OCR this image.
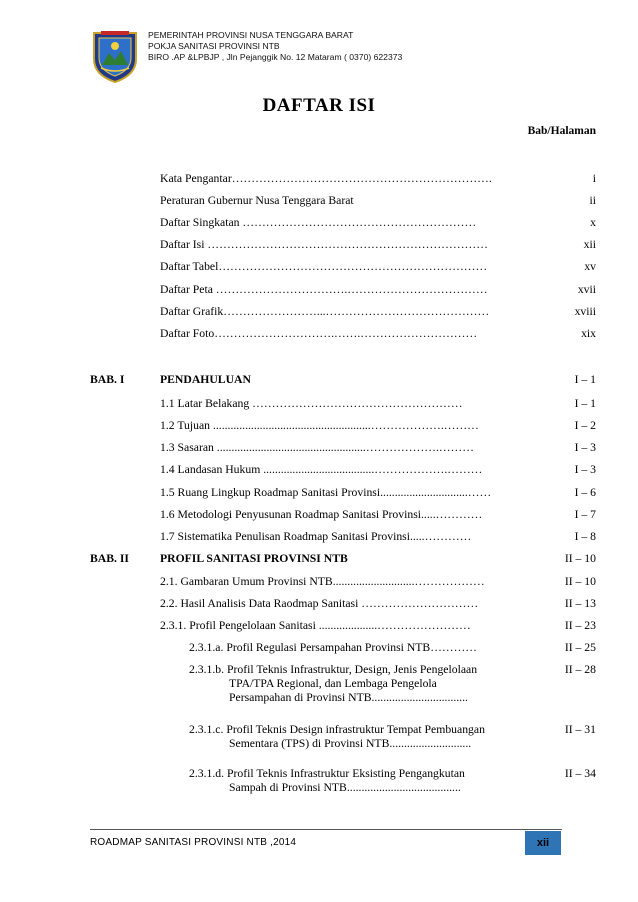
PEMERINTAH PROVINSI NUSA TENGGARA BARAT
POKJA SANITASI PROVINSI NTB
BIRO .AP &LPBJP , Jln Pejanggik No. 12 Mataram ( 0370) 622373
DAFTAR ISI
Bab/Halaman
Kata Pengantar………………………………………………………….	i
Peraturan Gubernur Nusa Tenggara Barat	ii
Daftar Singkatan ……………………………………………………	x
Daftar Isi ………………………………………………………………	xii
Daftar Tabel……………………………………………………………	xv
Daftar Peta …………………………….………………………………	xvii
Daftar Grafik……………………...……………………………………	xviii
Daftar Foto………………………….…….…………………………	xix
BAB. I	PENDAHULUAN	I – 1
1.1 Latar Belakang ………………………………………………	I – 1
1.2 Tujuan ......................................................……………….………	I – 2
1.3 Sasaran ...................................................……………….………	I – 3
1.4 Landasan Hukum ......................................……………….………	I – 3
1.5 Ruang Lingkup Roadmap Sanitasi Provinsi..............................……	I – 6
1.6 Metodologi Penyusunan Roadmap Sanitasi Provinsi.....…………	I – 7
1.7 Sistematika Penulisan Roadmap Sanitasi Provinsi.....…………	I – 8
BAB. II	PROFIL SANITASI PROVINSI NTB	II – 10
2.1. Gambaran Umum Provinsi NTB............................………………	II – 10
2.2. Hasil Analisis Data Raodmap Sanitasi …………………………	II – 13
2.3.1. Profil Pengelolaan Sanitasi ....................……………………	II – 23
2.3.1.a. Profil Regulasi Persampahan Provinsi NTB…………	II – 25
2.3.1.b. Profil Teknis Infrastruktur, Design, Jenis Pengelolaan
TPA/TPA Regional, dan Lembaga Pengelola
Persampahan di Provinsi NTB.................................
II – 28
2.3.1.c. Profil Teknis Design infrastruktur Tempat Pembuangan
Sementara (TPS) di Provinsi NTB............................
II – 31
2.3.1.d. Profil Teknis Infrastruktur Eksisting Pengangkutan
Sampah di Provinsi NTB.......................................
II – 34
ROADMAP SANITASI PROVINSI NTB ,2014	xii
